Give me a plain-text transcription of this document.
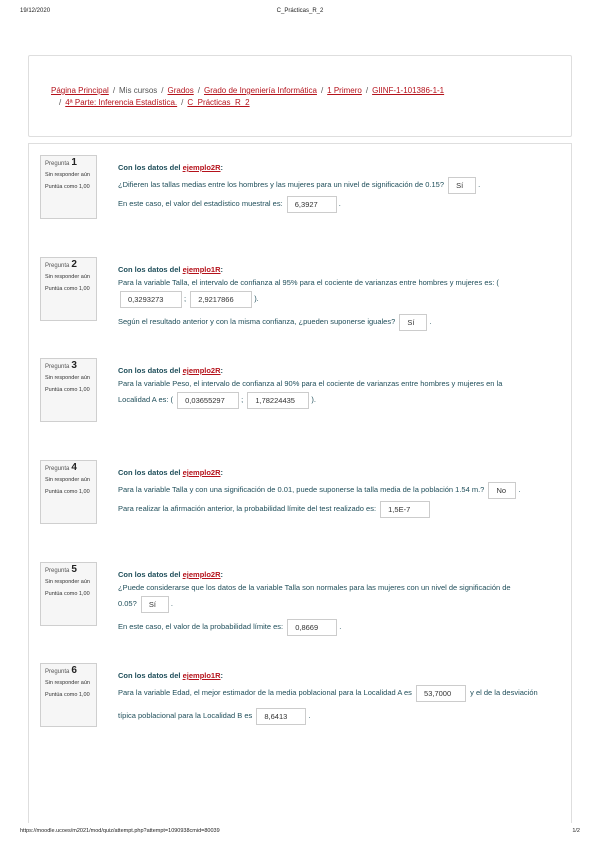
19/12/2020	C_Prácticas_R_2
Página Principal / Mis cursos / Grados / Grado de Ingeniería Informática / 1 Primero / GIINF-1-101386-1-1
/ 4ª Parte: Inferencia Estadística. / C_Prácticas_R_2
Pregunta 1
Sin responder aún
Puntúa como 1,00

Con los datos del ejemplo2R:

¿Difieren las tallas medias entre los hombres y las mujeres para un nivel de significación de 0.15? Sí .

En este caso, el valor del estadístico muestral es: 6,3927	.

Pregunta 2
Sin responder aún
Puntúa como 1,00

Con los datos del ejemplo1R:

Para la variable Talla, el intervalo de confianza al 95% para el cociente de varianzas entre hombres y mujeres es: (

0,3293273	; 2,9217866	).

Según el resultado anterior y con la misma confianza, ¿pueden suponerse iguales? Sí .

Pregunta 3
Sin responder aún
Puntúa como 1,00

Con los datos del ejemplo2R:

Para la variable Peso, el intervalo de confianza al 90% para el cociente de varianzas entre hombres y mujeres en la

Localidad A es: ( 0,03655297 ; 1,78224435 ).

Pregunta 4
Sin responder aún
Puntúa como 1,00

Con los datos del ejemplo2R:

Para la variable Talla y con una significación de 0.01, puede suponerse la talla media de la población 1.54 m.? No .

Para realizar la afirmación anterior, la probabilidad límite del test realizado es: 1,5E-7

Pregunta 5
Sin responder aún
Puntúa como 1,00

Con los datos del ejemplo2R:

¿Puede considerarse que los datos de la variable Talla son normales para las mujeres con un nivel de significación de

0.05? Sí .

En este caso, el valor de la probabilidad límite es: 0,8669	.

Pregunta 6
Sin responder aún
Puntúa como 1,00

Con los datos del ejemplo1R:

Para la variable Edad, el mejor estimador de la media poblacional para la Localidad A es 53,7000	y el de la desviación

típica poblacional para la Localidad B es 8,6413	.

https://moodle.ucoes/m2021/mod/quiz/attempt.php?attempt=1090938cmid=80039	1/2
